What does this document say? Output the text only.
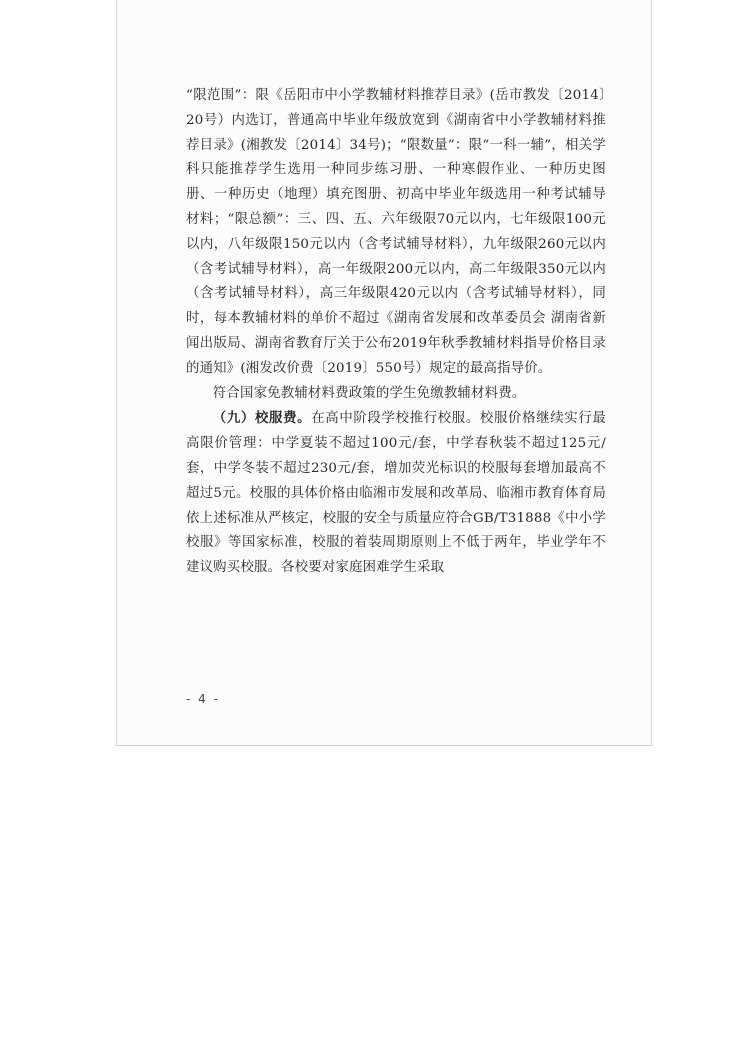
“限范围”：限《岳阳市中小学教辅材料推荐目录》(岳市教发〔2014〕20号）内选订，普通高中毕业年级放宽到《湖南省中小学教辅材料推荐目录》(湘教发〔2014〕34号)；“限数量”：限“一科一辅”，相关学科只能推荐学生选用一种同步练习册、一种寒假作业、一种历史图册、一种历史（地理）填充图册、初高中毕业年级选用一种考试辅导材料；“限总额”：三、四、五、六年级限70元以内，七年级限100元以内，八年级限150元以内（含考试辅导材料），九年级限260元以内（含考试辅导材料），高一年级限200元以内，高二年级限350元以内（含考试辅导材料），高三年级限420元以内（含考试辅导材料），同时，每本教辅材料的单价不超过《湖南省发展和改革委员会 湖南省新闻出版局、湖南省教育厅关于公布2019年秋季教辅材料指导价格目录的通知》(湘发改价费〔2019〕550号）规定的最高指导价。

符合国家免教辅材料费政策的学生免缴教辅材料费。

（九）校服费。在高中阶段学校推行校服。校服价格继续实行最高限价管理：中学夏装不超过100元/套，中学春秋装不超过125元/套，中学冬装不超过230元/套，增加荧光标识的校服每套增加最高不超过5元。校服的具体价格由临湘市发展和改革局、临湘市教育体育局依上述标准从严核定，校服的安全与质量应符合GB/T31888《中小学校服》等国家标准，校服的着装周期原则上不低于两年，毕业学年不建议购买校服。各校要对家庭困难学生采取

- 4 -
